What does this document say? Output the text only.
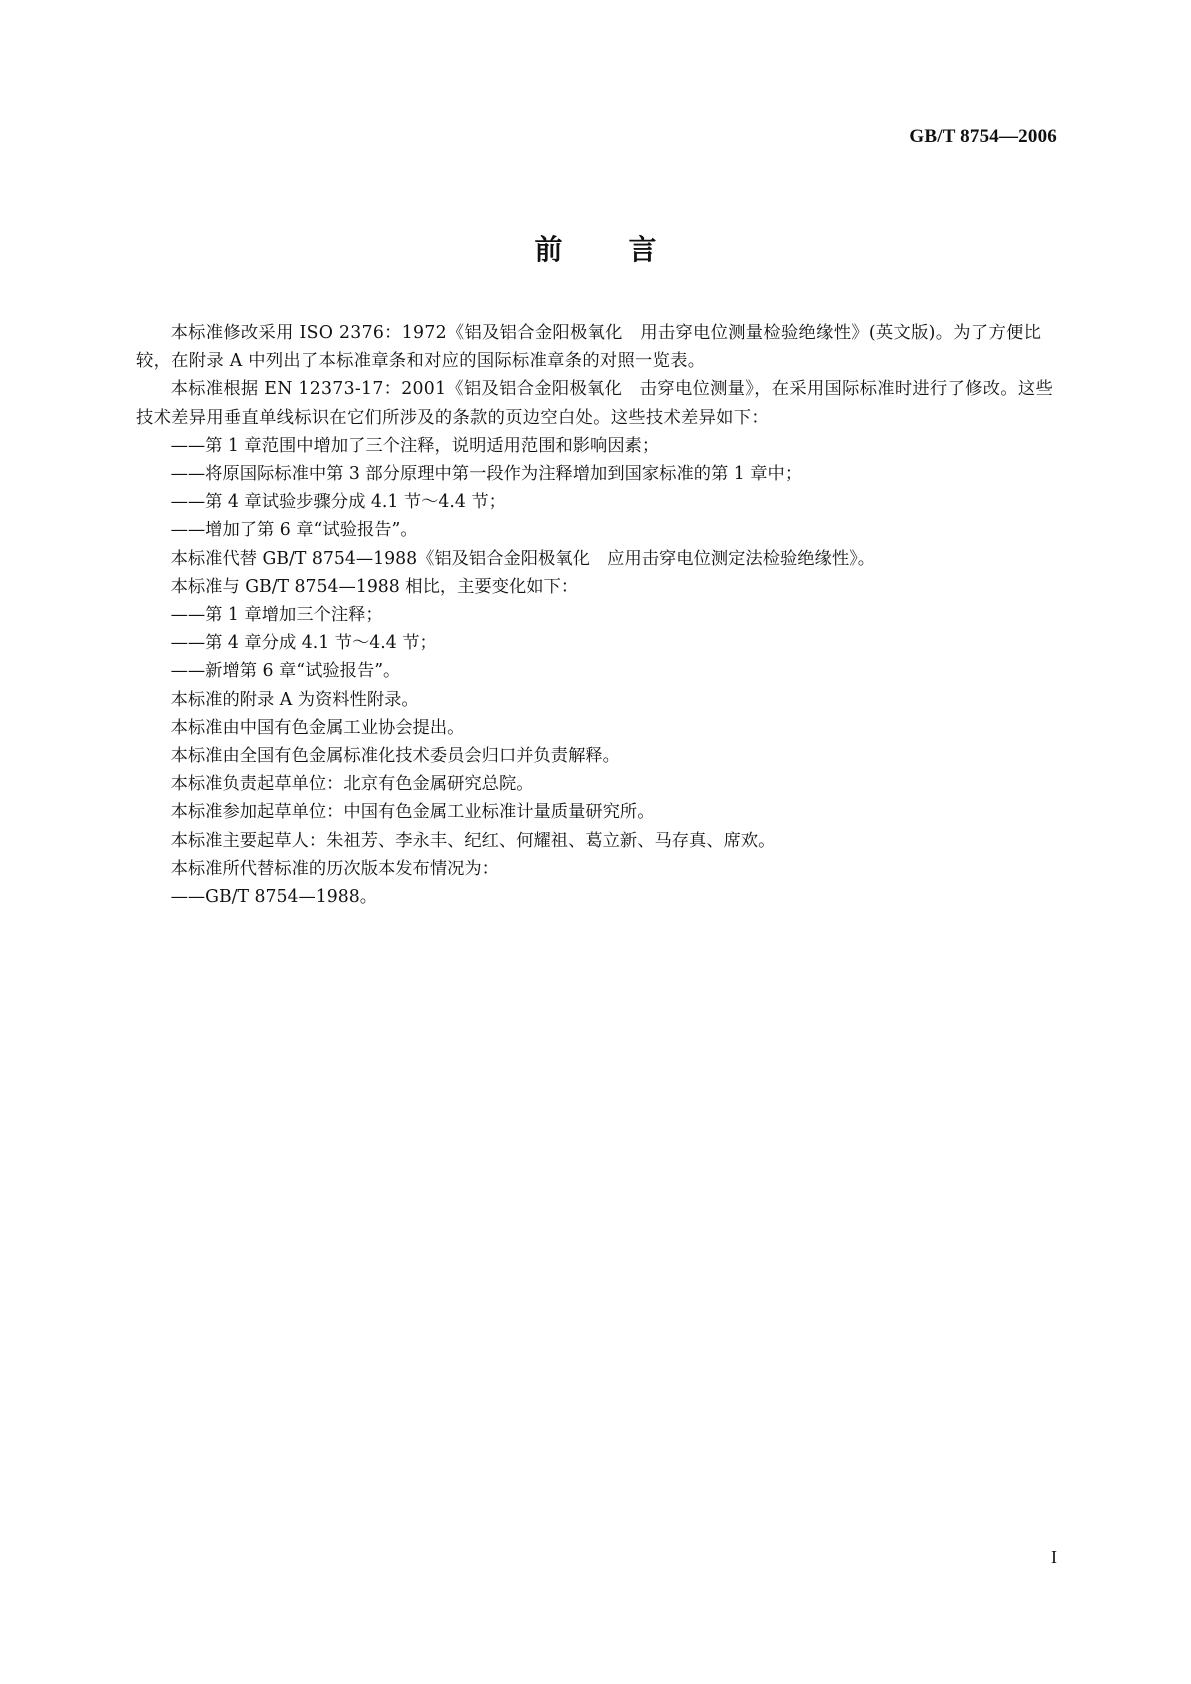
GB/T 8754—2006
前 言

本标准修改采用 ISO 2376：1972《铝及铝合金阳极氧化　用击穿电位测量检验绝缘性》(英文版)。为了方便比较，在附录 A 中列出了本标准章条和对应的国际标准章条的对照一览表。

本标准根据 EN 12373-17：2001《铝及铝合金阳极氧化　击穿电位测量》，在采用国际标准时进行了修改。这些技术差异用垂直单线标识在它们所涉及的条款的页边空白处。这些技术差异如下：

——第 1 章范围中增加了三个注释，说明适用范围和影响因素；

——将原国际标准中第 3 部分原理中第一段作为注释增加到国家标准的第 1 章中；

——第 4 章试验步骤分成 4.1 节～4.4 节；

——增加了第 6 章“试验报告”。

本标准代替 GB/T 8754—1988《铝及铝合金阳极氧化　应用击穿电位测定法检验绝缘性》。

本标准与 GB/T 8754—1988 相比，主要变化如下：

——第 1 章增加三个注释；

——第 4 章分成 4.1 节～4.4 节；

——新增第 6 章“试验报告”。

本标准的附录 A 为资料性附录。

本标准由中国有色金属工业协会提出。

本标准由全国有色金属标准化技术委员会归口并负责解释。

本标准负责起草单位：北京有色金属研究总院。

本标准参加起草单位：中国有色金属工业标准计量质量研究所。

本标准主要起草人：朱祖芳、李永丰、纪红、何耀祖、葛立新、马存真、席欢。

本标准所代替标准的历次版本发布情况为：

——GB/T 8754—1988。

I
